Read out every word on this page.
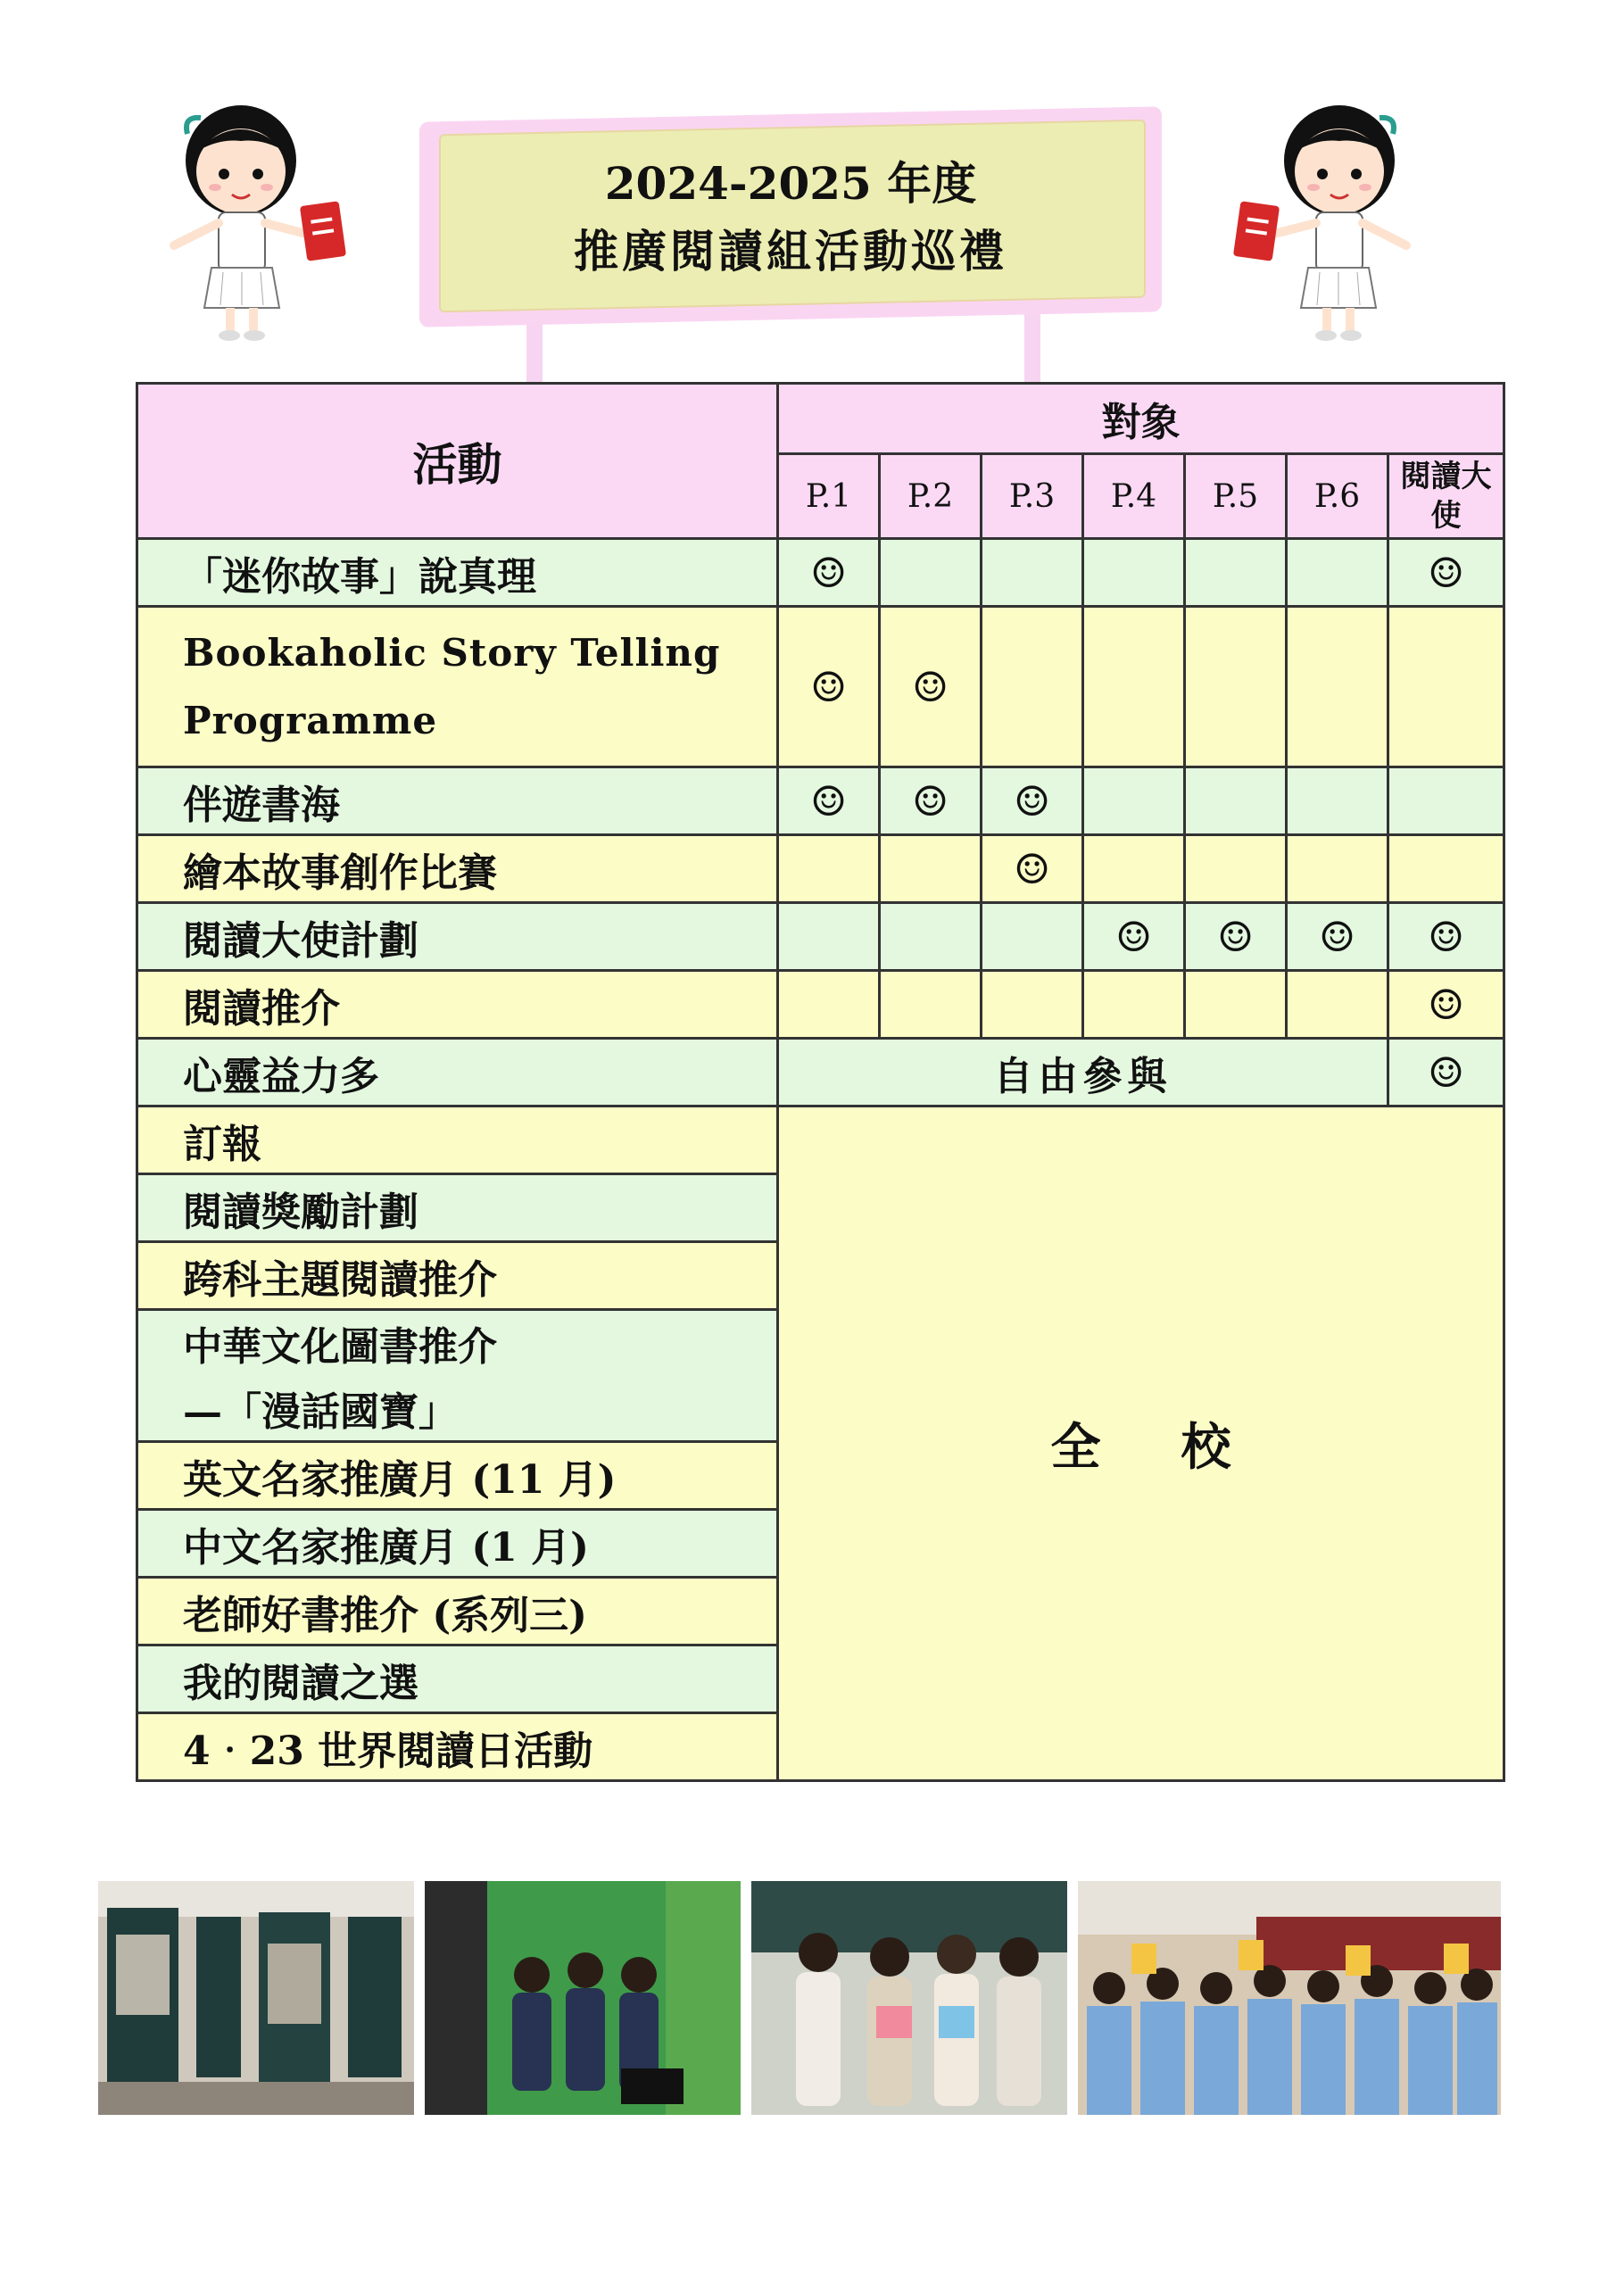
2024-2025 年度
推廣閱讀組活動巡禮
活動	對象						
	P.1	P.2	P.3	P.4	P.5	P.6	閱讀大使
「迷你故事」說真理	☺						☺
Bookaholic Story Telling Programme	☺	☺					
伴遊書海	☺	☺	☺				
繪本故事創作比賽			☺				
閱讀大使計劃				☺	☺	☺	☺
閱讀推介							☺
心靈益力多	自由參與						☺
訂報	全校						
閱讀獎勵計劃							
跨科主題閱讀推介							
中華文化圖書推介							
—「漫話國寶」							
英文名家推廣月 (11 月)							
中文名家推廣月 (1 月)							
老師好書推介 (系列三)							
我的閱讀之選							
4‧23 世界閱讀日活動							
